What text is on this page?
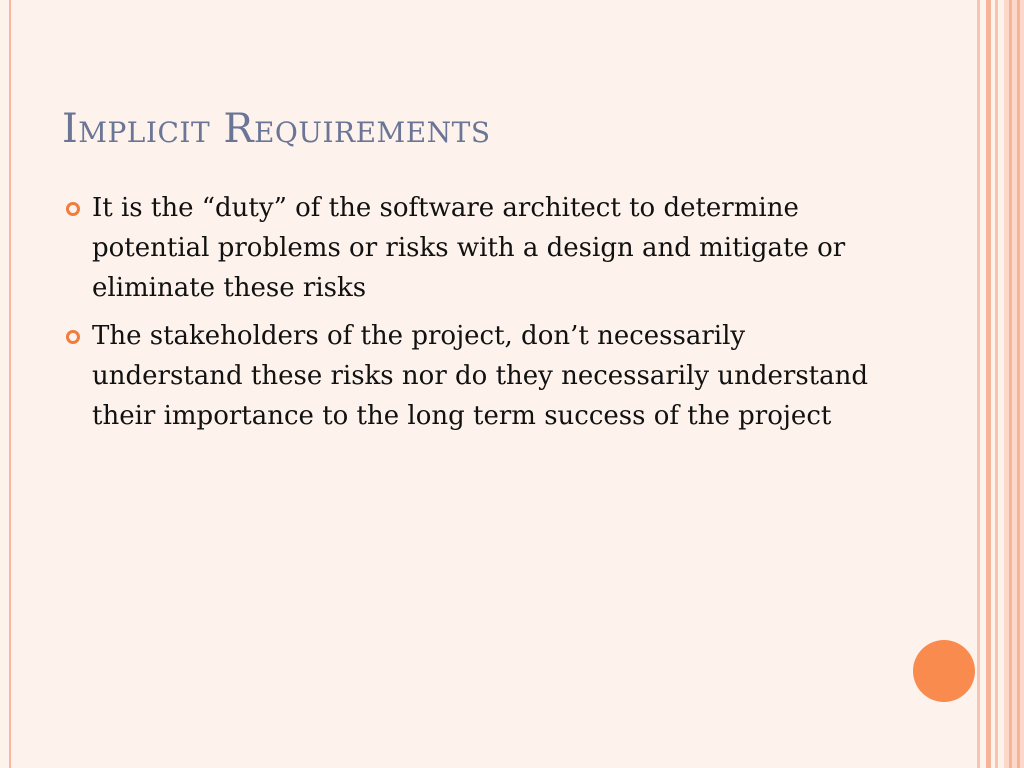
Implicit Requirements
It is the “duty” of the software architect to determine potential problems or risks with a design and mitigate or eliminate these risks
The stakeholders of the project, don’t necessarily understand these risks nor do they necessarily understand their importance to the long term success of the project
